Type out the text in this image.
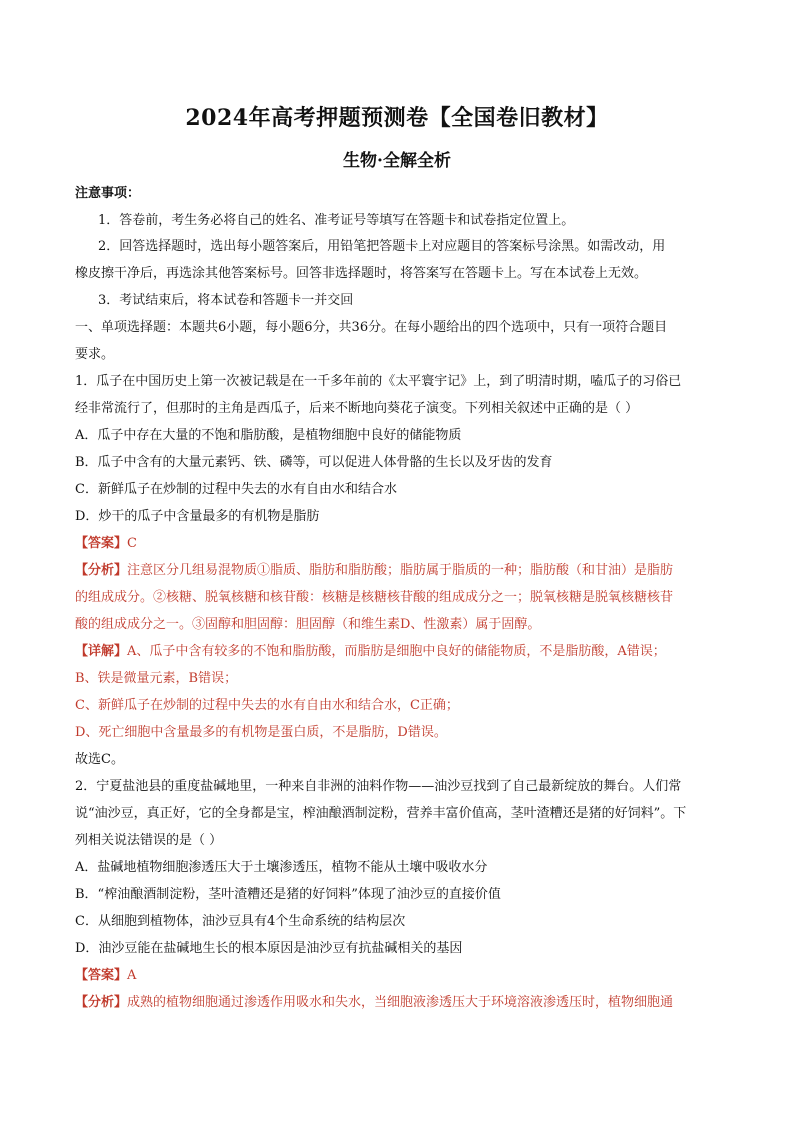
2024年高考押题预测卷【全国卷旧教材】
生物·全解全析
注意事项：
1．答卷前，考生务必将自己的姓名、准考证号等填写在答题卡和试卷指定位置上。
2．回答选择题时，选出每小题答案后，用铅笔把答题卡上对应题目的答案标号涂黑。如需改动，用
橡皮擦干净后，再选涂其他答案标号。回答非选择题时，将答案写在答题卡上。写在本试卷上无效。
3．考试结束后，将本试卷和答题卡一并交回
一、单项选择题：本题共6小题，每小题6分，共36分。在每小题给出的四个选项中，只有一项符合题目
要求。
1．瓜子在中国历史上第一次被记载是在一千多年前的《太平寰宇记》上，到了明清时期，嗑瓜子的习俗已
经非常流行了，但那时的主角是西瓜子，后来不断地向葵花子演变。下列相关叙述中正确的是（ ）
A．瓜子中存在大量的不饱和脂肪酸，是植物细胞中良好的储能物质
B．瓜子中含有的大量元素钙、铁、磷等，可以促进人体骨骼的生长以及牙齿的发育
C．新鲜瓜子在炒制的过程中失去的水有自由水和结合水
D．炒干的瓜子中含量最多的有机物是脂肪
【答案】C
【分析】注意区分几组易混物质①脂质、脂肪和脂肪酸；脂肪属于脂质的一种；脂肪酸（和甘油）是脂肪
的组成成分。②核糖、脱氧核糖和核苷酸：核糖是核糖核苷酸的组成成分之一；脱氧核糖是脱氧核糖核苷
酸的组成成分之一。③固醇和胆固醇：胆固醇（和维生素D、性激素）属于固醇。
【详解】A、瓜子中含有较多的不饱和脂肪酸，而脂肪是细胞中良好的储能物质，不是脂肪酸，A错误；
B、铁是微量元素，B错误；
C、新鲜瓜子在炒制的过程中失去的水有自由水和结合水，C正确；
D、死亡细胞中含量最多的有机物是蛋白质，不是脂肪，D错误。
故选C。
2．宁夏盐池县的重度盐碱地里，一种来自非洲的油料作物——油沙豆找到了自己最新绽放的舞台。人们常
说“油沙豆，真正好，它的全身都是宝，榨油酿酒制淀粉，营养丰富价值高，茎叶渣糟还是猪的好饲料”。下
列相关说法错误的是（ ）
A．盐碱地植物细胞渗透压大于土壤渗透压，植物不能从土壤中吸收水分
B．“榨油酿酒制淀粉，茎叶渣糟还是猪的好饲料”体现了油沙豆的直接价值
C．从细胞到植物体，油沙豆具有4个生命系统的结构层次
D．油沙豆能在盐碱地生长的根本原因是油沙豆有抗盐碱相关的基因
【答案】A
【分析】成熟的植物细胞通过渗透作用吸水和失水，当细胞液渗透压大于环境溶液渗透压时，植物细胞通
